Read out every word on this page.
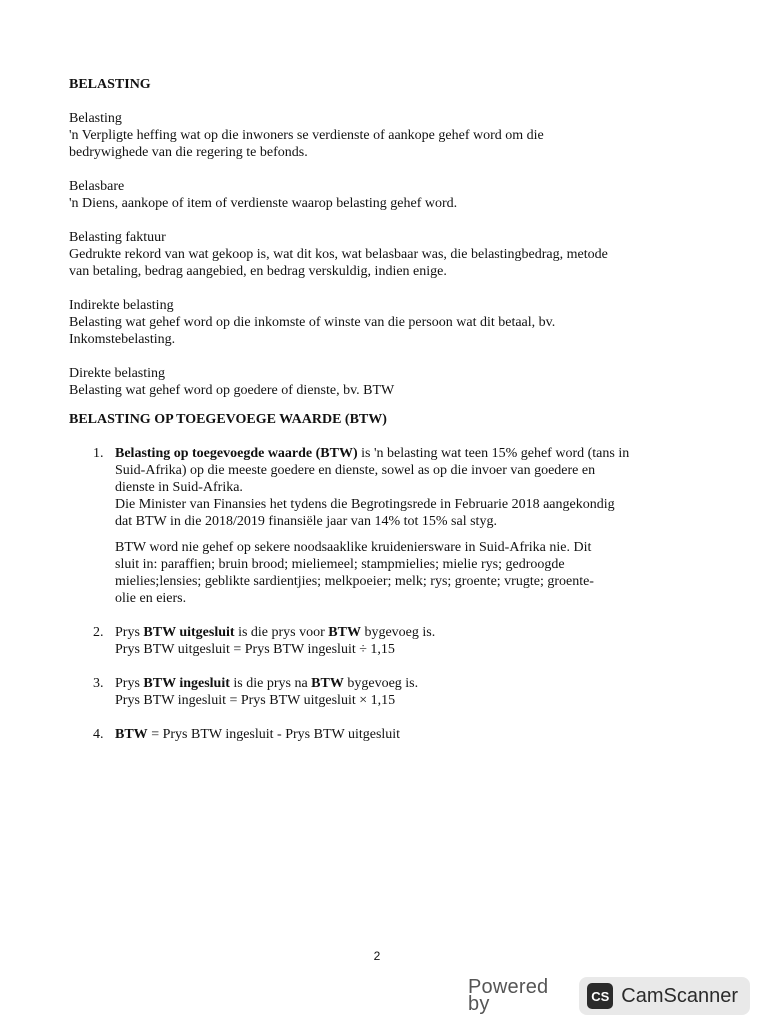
BELASTING

Belasting

'n Verpligte heffing wat op die inwoners se verdienste of aankope gehef word om die

bedrywighede van die regering te befonds.

Belasbare

'n Diens, aankope of item of verdienste waarop belasting gehef word.

Belasting faktuur

Gedrukte rekord van wat gekoop is, wat dit kos, wat belasbaar was, die belastingbedrag, metode

van betaling, bedrag aangebied, en bedrag verskuldig, indien enige.

Indirekte belasting

Belasting wat gehef word op die inkomste of winste van die persoon wat dit betaal, bv.

Inkomstebelasting.

Direkte belasting

Belasting wat gehef word op goedere of dienste, bv. BTW

BELASTING OP TOEGEVOEGE WAARDE (BTW)

1. Belasting op toegevoegde waarde (BTW) is 'n belasting wat teen 15% gehef word (tans in

Suid-Afrika) op die meeste goedere en dienste, sowel as op die invoer van goedere en

dienste in Suid-Afrika.

Die Minister van Finansies het tydens die Begrotingsrede in Februarie 2018 aangekondig

dat BTW in die 2018/2019 finansiële jaar van 14% tot 15% sal styg.

BTW word nie gehef op sekere noodsaaklike kruideniersware in Suid-Afrika nie. Dit

sluit in: paraffien; bruin brood; mieliemeel; stampmielies; mielie rys; gedroogde

mielies;lensies; geblikte sardientjies; melkpoeier; melk; rys; groente; vrugte; groente-

olie en eiers.

2. Prys BTW uitgesluit is die prys voor BTW bygevoeg is.

Prys BTW uitgesluit = Prys BTW ingesluit ÷ 1,15

3. Prys BTW ingesluit is die prys na BTW bygevoeg is.

Prys BTW ingesluit = Prys BTW uitgesluit × 1,15

4. BTW = Prys BTW ingesluit - Prys BTW uitgesluit

2
Powered by	CS CamScanner
